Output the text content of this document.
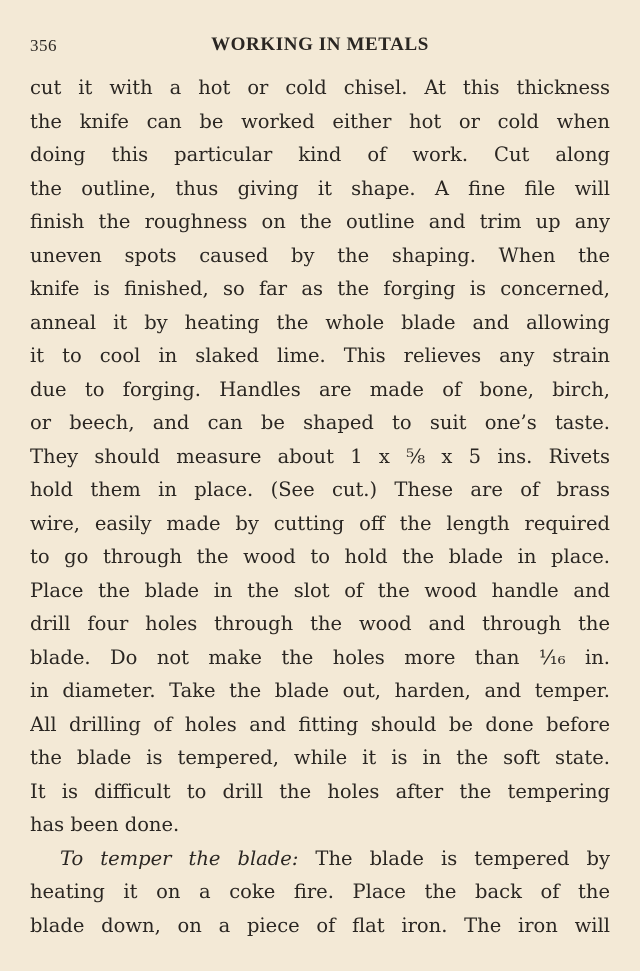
356	WORKING IN METALS
cut it with a hot or cold chisel. At this thickness
the knife can be worked either hot or cold when
doing this particular kind of work. Cut along
the outline, thus giving it shape. A fine file will
finish the roughness on the outline and trim up any
uneven spots caused by the shaping. When the
knife is finished, so far as the forging is concerned,
anneal it by heating the whole blade and allowing
it to cool in slaked lime. This relieves any strain
due to forging. Handles are made of bone, birch,
or beech, and can be shaped to suit one’s taste.
They should measure about 1 x ⅝ x 5 ins. Rivets
hold them in place. (See cut.) These are of brass
wire, easily made by cutting off the length required
to go through the wood to hold the blade in place.
Place the blade in the slot of the wood handle and
drill four holes through the wood and through the
blade. Do not make the holes more than ¹⁄₁₆ in.
in diameter. Take the blade out, harden, and temper.
All drilling of holes and fitting should be done before
the blade is tempered, while it is in the soft state.
It is difficult to drill the holes after the tempering
has been done.
To temper the blade: The blade is tempered by
heating it on a coke fire. Place the back of the
blade down, on a piece of flat iron. The iron will
